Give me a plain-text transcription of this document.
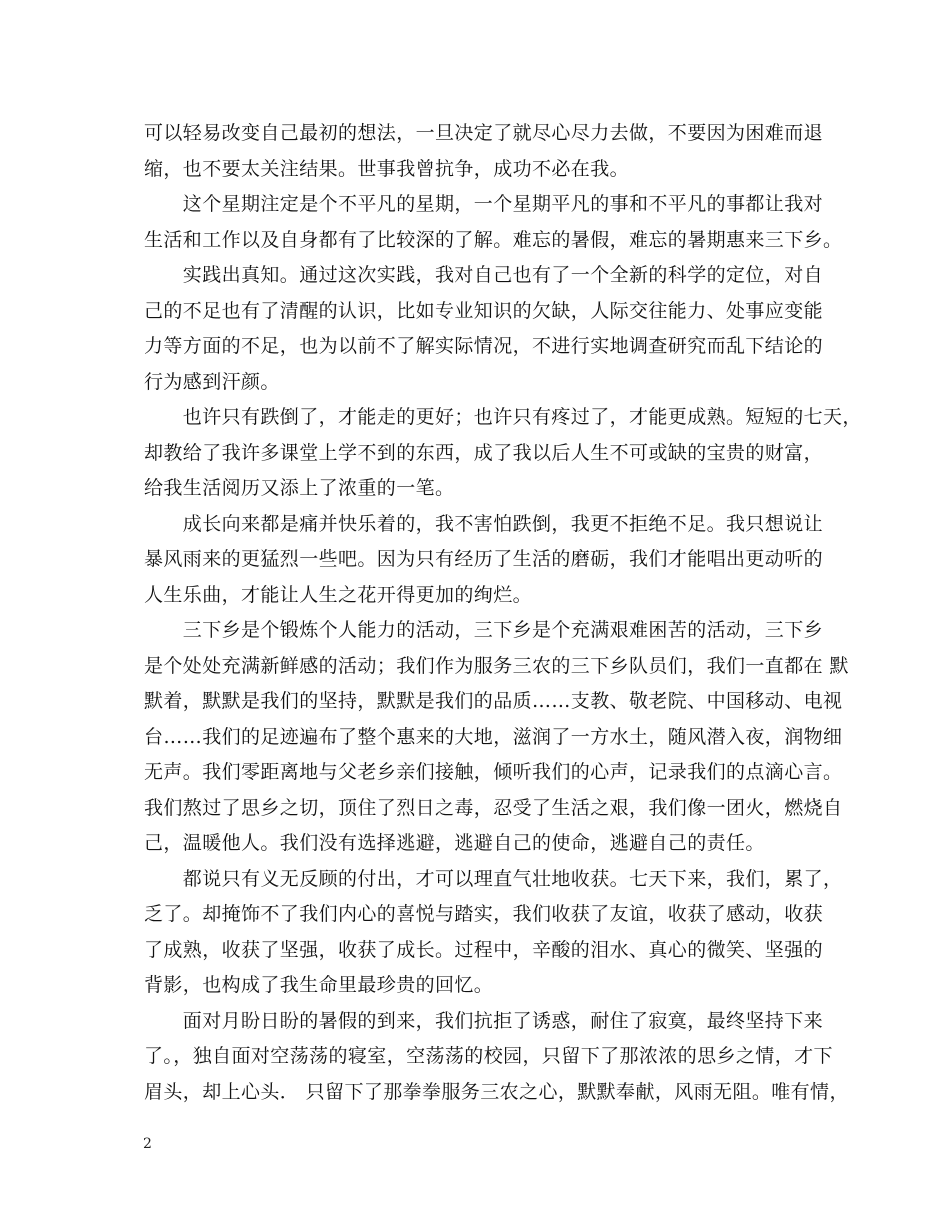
可以轻易改变自己最初的想法，一旦决定了就尽心尽力去做，不要因为困难而退
缩，也不要太关注结果。世事我曾抗争，成功不必在我。
　　这个星期注定是个不平凡的星期，一个星期平凡的事和不平凡的事都让我对
生活和工作以及自身都有了比较深的了解。难忘的暑假，难忘的暑期惠来三下乡。
　　实践出真知。通过这次实践，我对自己也有了一个全新的科学的定位，对自
己的不足也有了清醒的认识，比如专业知识的欠缺，人际交往能力、处事应变能
力等方面的不足，也为以前不了解实际情况，不进行实地调查研究而乱下结论的
行为感到汗颜。
　　也许只有跌倒了，才能走的更好；也许只有疼过了，才能更成熟。短短的七天，
却教给了我许多课堂上学不到的东西，成了我以后人生不可或缺的宝贵的财富，
给我生活阅历又添上了浓重的一笔。
　　成长向来都是痛并快乐着的，我不害怕跌倒，我更不拒绝不足。我只想说让
暴风雨来的更猛烈一些吧。因为只有经历了生活的磨砺，我们才能唱出更动听的
人生乐曲，才能让人生之花开得更加的绚烂。
　　三下乡是个锻炼个人能力的活动，三下乡是个充满艰难困苦的活动，三下乡
是个处处充满新鲜感的活动；我们作为服务三农的三下乡队员们，我们一直都在 默
默着，默默是我们的坚持，默默是我们的品质……支教、敬老院、中国移动、电视
台……我们的足迹遍布了整个惠来的大地，滋润了一方水土，随风潜入夜，润物细
无声。我们零距离地与父老乡亲们接触，倾听我们的心声，记录我们的点滴心言。
我们熬过了思乡之切，顶住了烈日之毒，忍受了生活之艰，我们像一团火，燃烧自
己，温暖他人。我们没有选择逃避，逃避自己的使命，逃避自己的责任。
　　都说只有义无反顾的付出，才可以理直气壮地收获。七天下来，我们，累了，
乏了。却掩饰不了我们内心的喜悦与踏实，我们收获了友谊，收获了感动，收获
了成熟，收获了坚强，收获了成长。过程中，辛酸的泪水、真心的微笑、坚强的
背影，也构成了我生命里最珍贵的回忆。
　　面对月盼日盼的暑假的到来，我们抗拒了诱惑，耐住了寂寞，最终坚持下来
了。，独自面对空荡荡的寝室，空荡荡的校园，只留下了那浓浓的思乡之情，才下
眉头，却上心头． 只留下了那拳拳服务三农之心，默默奉献，风雨无阻。唯有情，
2
